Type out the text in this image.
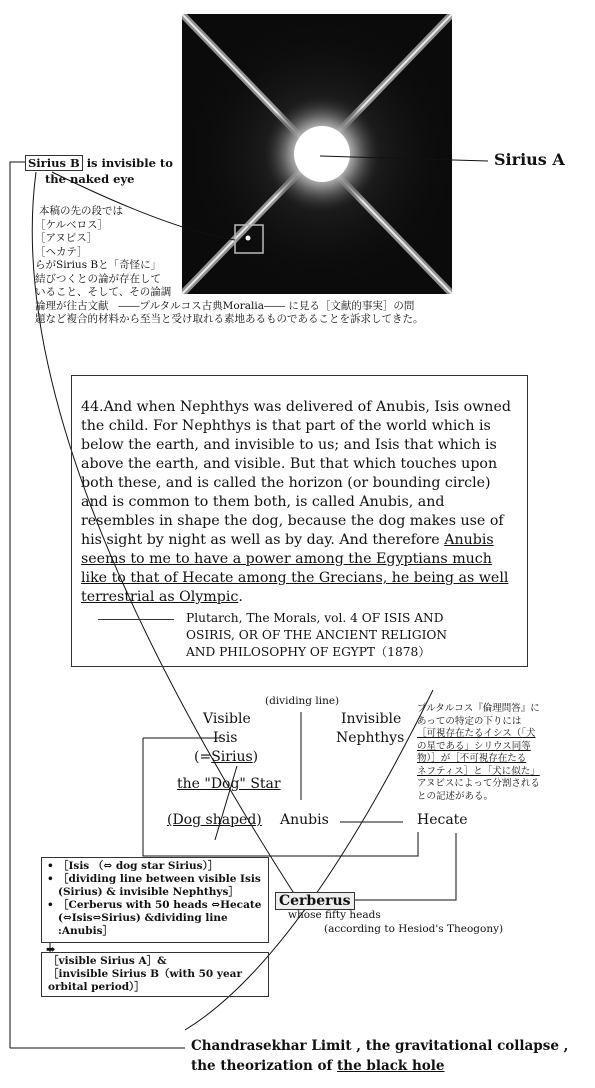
Sirius A
Sirius B is invisible to
the naked eye
本稿の先の段では
［ケルベロス］
［アヌビス］
［ヘカテ］
らがSirius Bと「奇怪に」
結びつくとの論が存在して
いること、そして、その論調
論理が往古文献 ――プルタルコス古典Moralia―― に見る［文献的事実］の問
題など複合的材料から至当と受け取れる素地あるものであることを訴求してきた。

44.And when Nephthys was delivered of Anubis, Isis owned the child. For Nephthys is that part of the world which is below the earth, and invisible to us; and Isis that which is above the earth, and visible. But that which touches upon both these, and is called the horizon (or bounding circle) and is common to them both, is called Anubis, and resembles in shape the dog, because the dog makes use of his sight by night as well as by day. And therefore Anubis seems to me to have a power among the Egyptians much like to that of Hecate among the Grecians, he being as well terrestrial as Olympic.

Plutarch, The Morals, vol. 4 OF ISIS AND
OSIRIS, OR OF THE ANCIENT RELIGION
AND PHILOSOPHY OF EGYPT（1878）
(dividing line)
Visible
Isis
(=Sirius)
the "Dog" Star
Invisible
Nephthys
(Dog shaped) Anubis	Hecate
Cerberus
whose fifty heads
(according to Hesiod's Theogony)
プルタルコス『倫理問答』に
あっての特定の下りには
［可視存在たるイシス（「犬
の星である」シリウス同等
物）］が［不可視存在たる
ネフティス］と「犬に似た」
アヌビスによって分割される
との記述がある。
• ［Isis （⇔ dog star Sirius）］
• ［dividing line between visible Isis (Sirius) & invisible Nephthys］
• ［Cerberus with 50 heads ⇔Hecate (⇔Isis⇔Sirius) &dividing line :Anubis］
➡
［visible Sirius A］&
［invisible Sirius B（with 50 year
orbital period）］
Chandrasekhar Limit , the gravitational collapse ,
the theorization of the black hole
